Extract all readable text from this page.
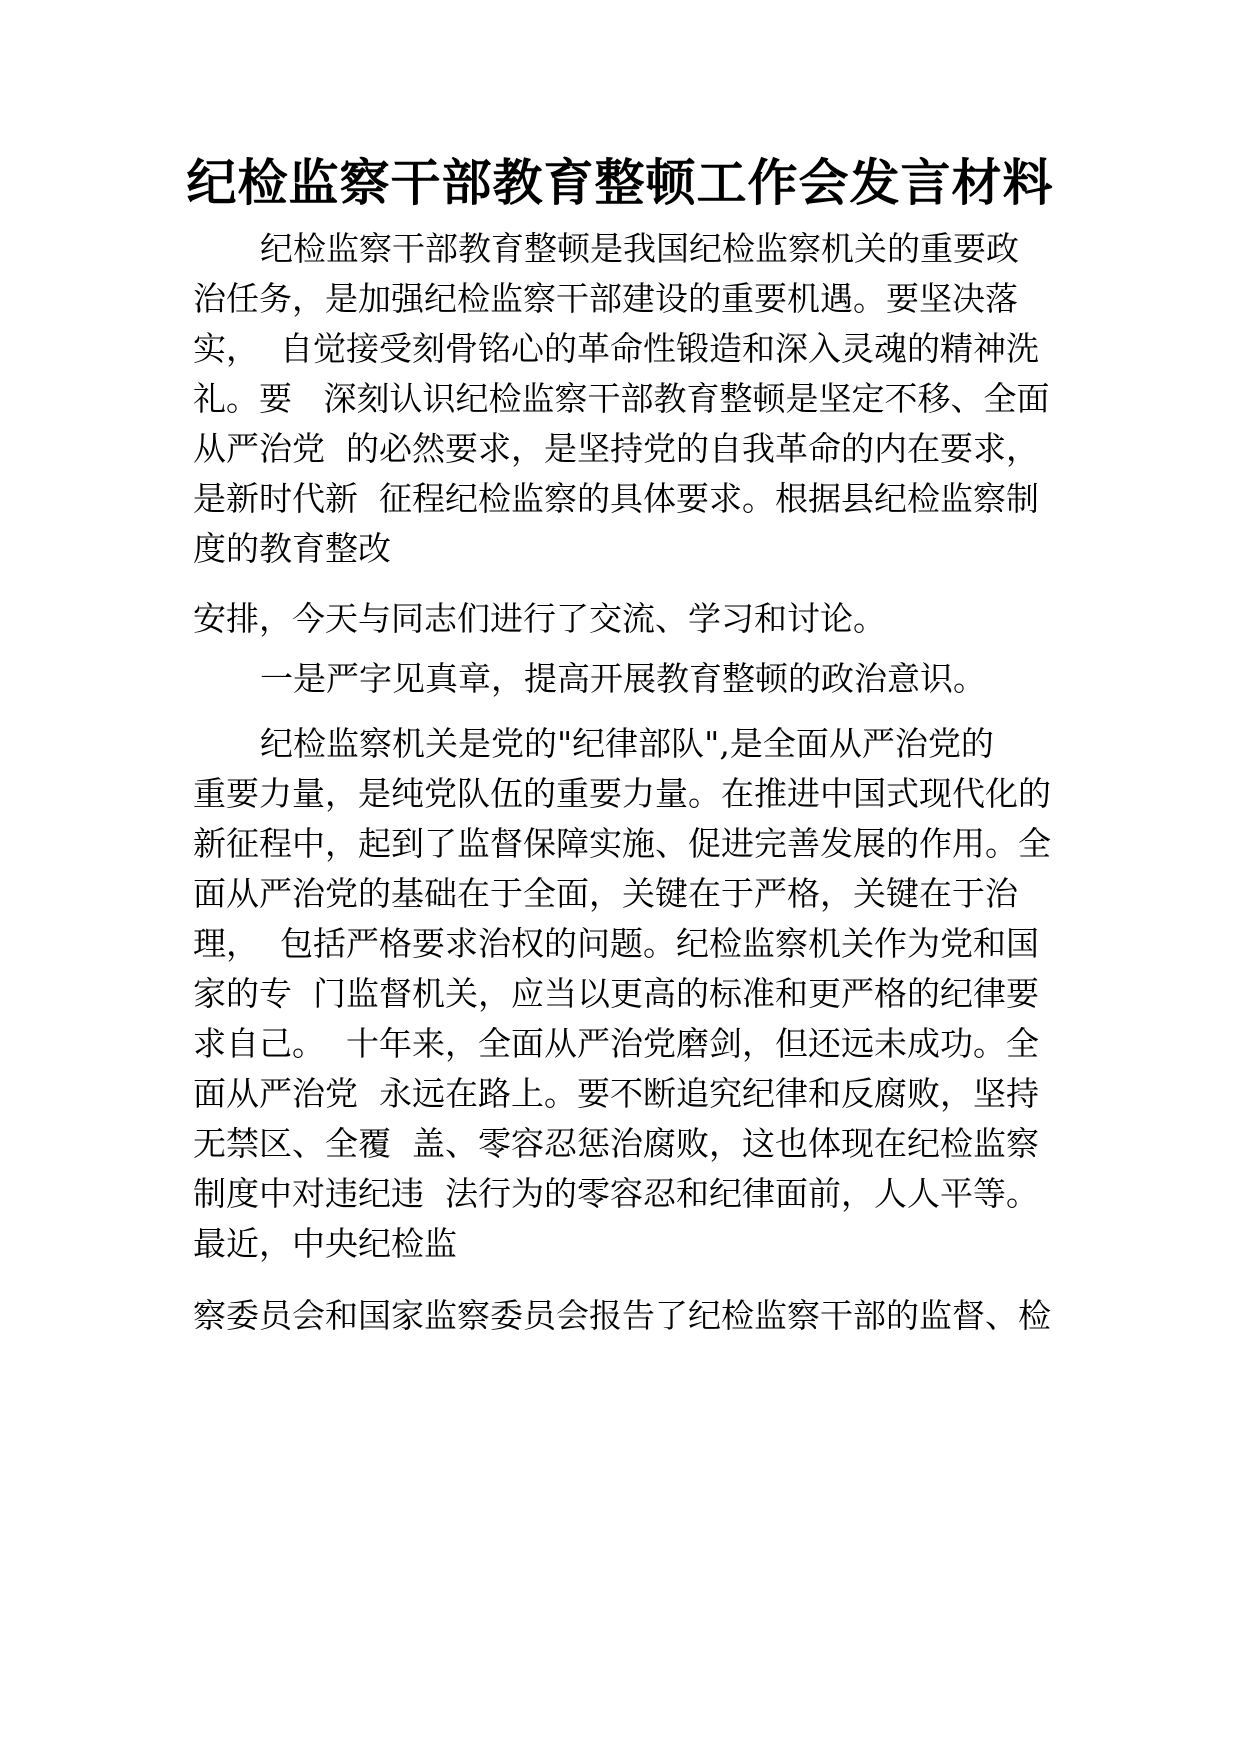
纪检监察干部教育整顿工作会发言材料
纪检监察干部教育整顿是我国纪检监察机关的重要政
治任务，是加强纪检监察干部建设的重要机遇。要坚决落
实，  自觉接受刻骨铭心的革命性锻造和深入灵魂的精神洗
礼。要   深刻认识纪检监察干部教育整顿是坚定不移、全面
从严治党  的必然要求，是坚持党的自我革命的内在要求，
是新时代新  征程纪检监察的具体要求。根据县纪检监察制
度的教育整改
安排，今天与同志们进行了交流、学习和讨论。
一是严字见真章，提高开展教育整顿的政治意识。
纪检监察机关是党的"纪律部队",是全面从严治党的
重要力量，是纯党队伍的重要力量。在推进中国式现代化的
新征程中，起到了监督保障实施、促进完善发展的作用。全
面从严治党的基础在于全面，关键在于严格，关键在于治
理，  包括严格要求治权的问题。纪检监察机关作为党和国
家的专  门监督机关，应当以更高的标准和更严格的纪律要
求自己。  十年来，全面从严治党磨剑，但还远未成功。全
面从严治党  永远在路上。要不断追究纪律和反腐败，坚持
无禁区、全覆  盖、零容忍惩治腐败，这也体现在纪检监察
制度中对违纪违  法行为的零容忍和纪律面前，人人平等。
最近，中央纪检监
察委员会和国家监察委员会报告了纪检监察干部的监督、检
